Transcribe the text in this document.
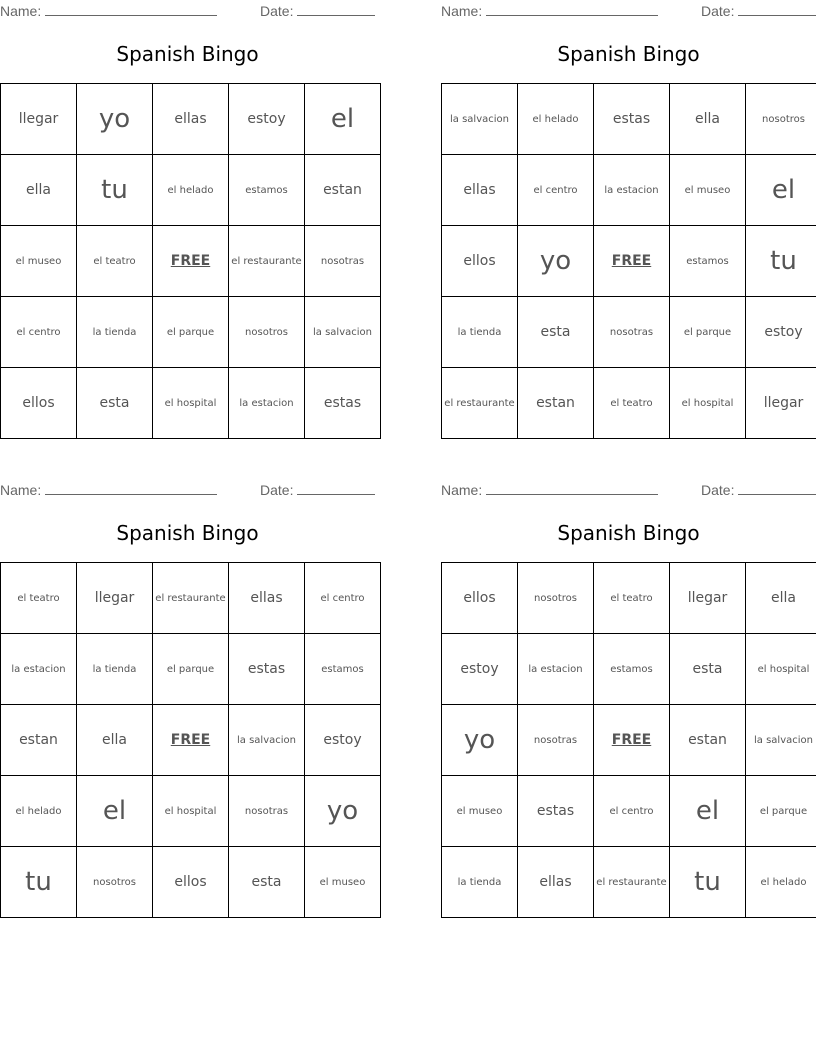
Name:	Date:
Spanish Bingo
llegar	yo	ellas	estoy	el
ella	tu	el helado	estamos	estan
el museo	el teatro	FREE	el restaurante	nosotras
el centro	la tienda	el parque	nosotros	la salvacion
ellos	esta	el hospital	la estacion	estas
Name:	Date:
Spanish Bingo
la salvacion	el helado	estas	ella	nosotros
ellas	el centro	la estacion	el museo	el
ellos	yo	FREE	estamos	tu
la tienda	esta	nosotras	el parque	estoy
el restaurante	estan	el teatro	el hospital	llegar
Name:	Date:
Spanish Bingo
el teatro	llegar	el restaurante	ellas	el centro
la estacion	la tienda	el parque	estas	estamos
estan	ella	FREE	la salvacion	estoy
el helado	el	el hospital	nosotras	yo
tu	nosotros	ellos	esta	el museo
Name:	Date:
Spanish Bingo
ellos	nosotros	el teatro	llegar	ella
estoy	la estacion	estamos	esta	el hospital
yo	nosotras	FREE	estan	la salvacion
el museo	estas	el centro	el	el parque
la tienda	ellas	el restaurante	tu	el helado
